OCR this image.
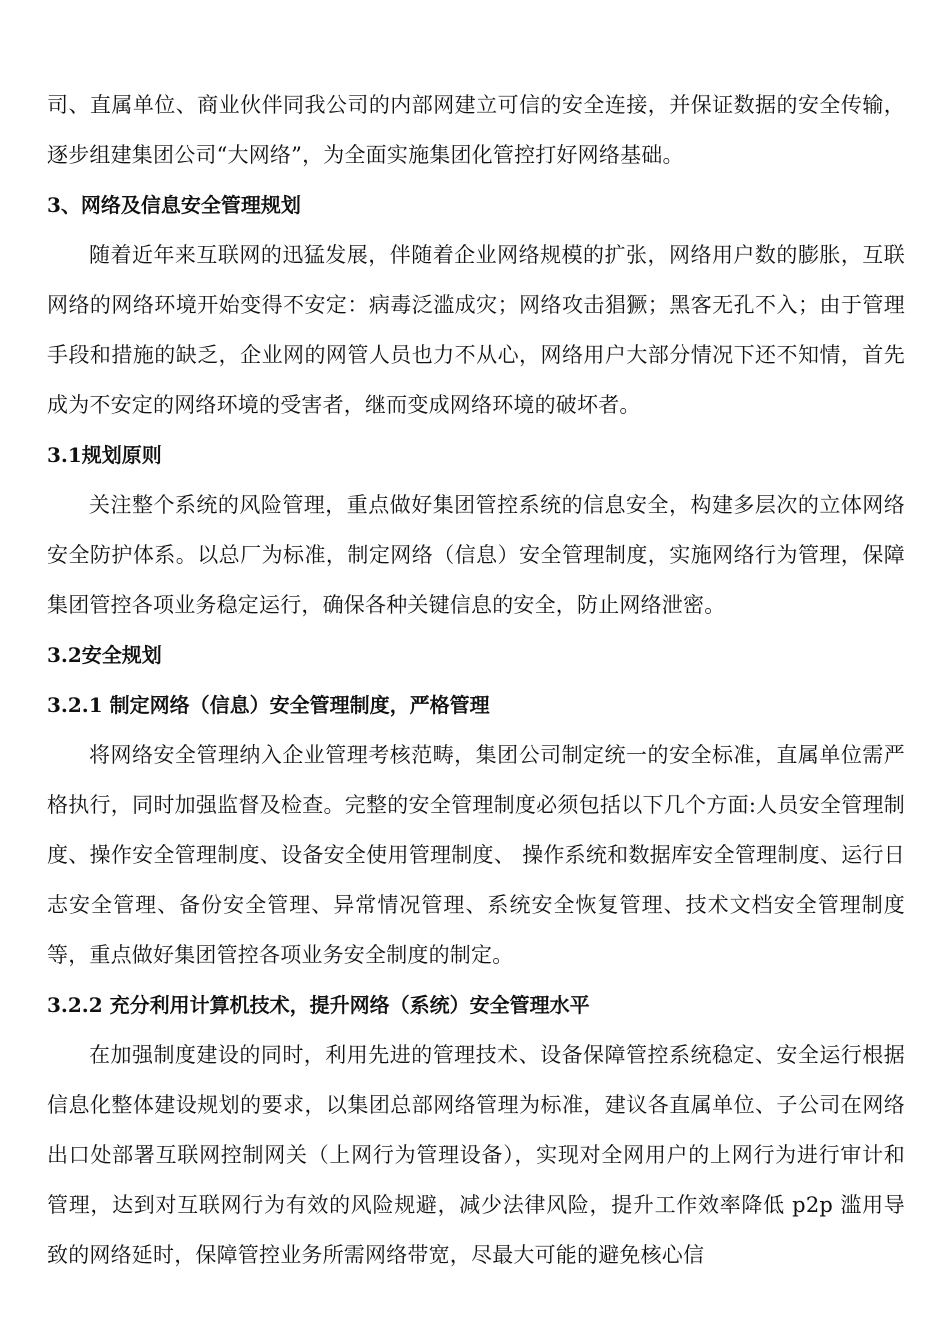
司、直属单位、商业伙伴同我公司的内部网建立可信的安全连接，并保证数据的安全传输，逐步组建集团公司“大网络”，为全面实施集团化管控打好网络基础。

3、网络及信息安全管理规划

随着近年来互联网的迅猛发展，伴随着企业网络规模的扩张，网络用户数的膨胀，互联网络的网络环境开始变得不安定：病毒泛滥成灾；网络攻击猖獗；黑客无孔不入；由于管理手段和措施的缺乏，企业网的网管人员也力不从心，网络用户大部分情况下还不知情，首先成为不安定的网络环境的受害者，继而变成网络环境的破坏者。

3.1规划原则

关注整个系统的风险管理，重点做好集团管控系统的信息安全，构建多层次的立体网络安全防护体系。以总厂为标准，制定网络（信息）安全管理制度，实施网络行为管理，保障集团管控各项业务稳定运行，确保各种关键信息的安全，防止网络泄密。

3.2安全规划
3.2.1 制定网络（信息）安全管理制度，严格管理

将网络安全管理纳入企业管理考核范畴，集团公司制定统一的安全标准，直属单位需严格执行，同时加强监督及检查。完整的安全管理制度必须包括以下几个方面:人员安全管理制度、操作安全管理制度、设备安全使用管理制度、 操作系统和数据库安全管理制度、运行日志安全管理、备份安全管理、异常情况管理、系统安全恢复管理、技术文档安全管理制度等，重点做好集团管控各项业务安全制度的制定。

3.2.2 充分利用计算机技术，提升网络（系统）安全管理水平

在加强制度建设的同时，利用先进的管理技术、设备保障管控系统稳定、安全运行根据信息化整体建设规划的要求，以集团总部网络管理为标准，建议各直属单位、子公司在网络出口处部署互联网控制网关（上网行为管理设备），实现对全网用户的上网行为进行审计和管理，达到对互联网行为有效的风险规避，减少法律风险，提升工作效率降低 p2p 滥用导致的网络延时，保障管控业务所需网络带宽，尽最大可能的避免核心信
